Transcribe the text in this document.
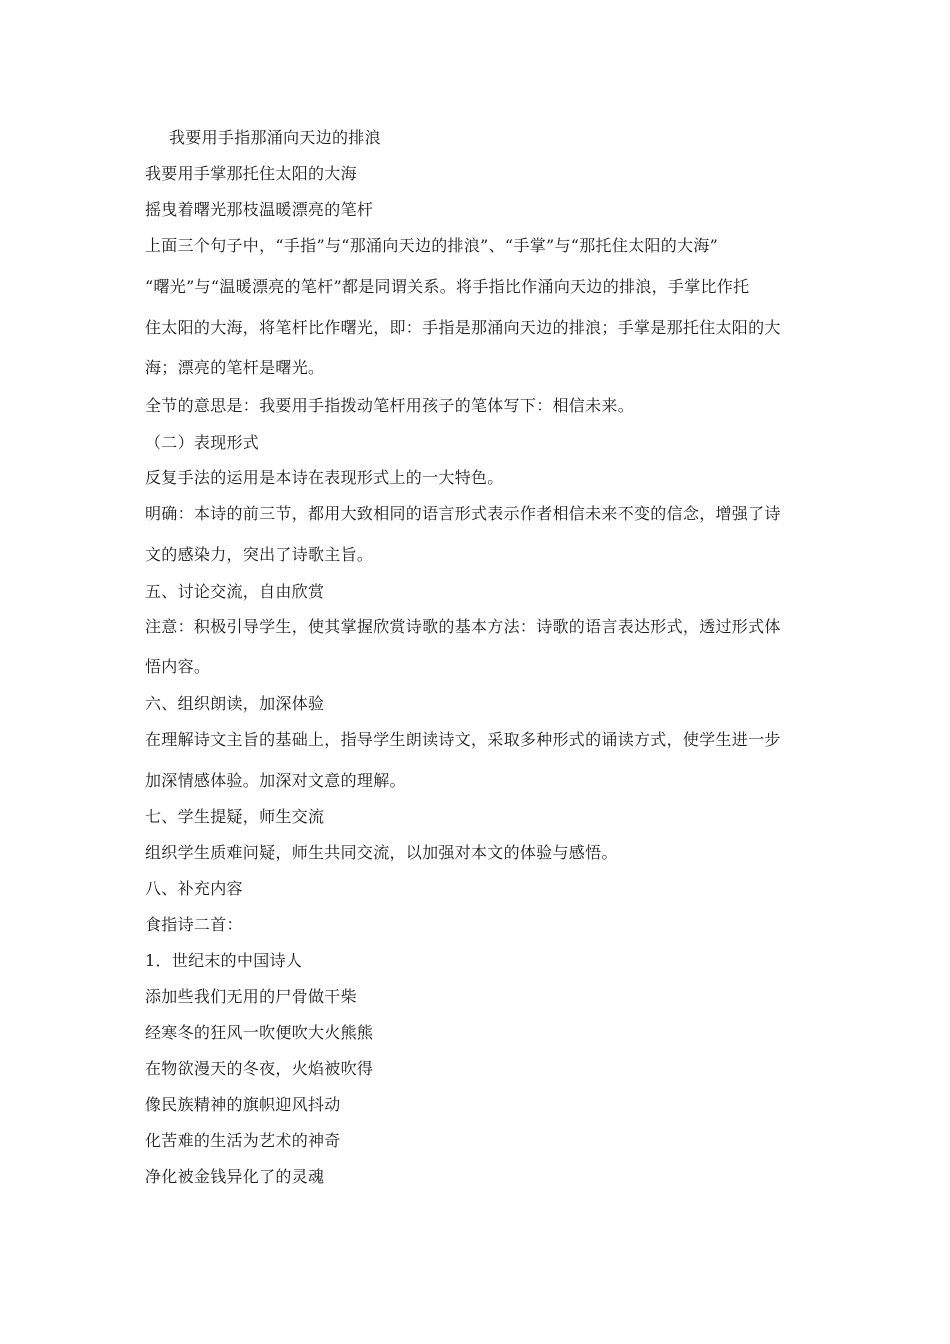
我要用手指那涌向天边的排浪
我要用手掌那托住太阳的大海
摇曳着曙光那枝温暖漂亮的笔杆
上面三个句子中，“手指”与“那涌向天边的排浪”、“手掌”与“那托住太阳的大海”
“曙光”与“温暖漂亮的笔杆”都是同谓关系。将手指比作涌向天边的排浪，手掌比作托
住太阳的大海，将笔杆比作曙光，即：手指是那涌向天边的排浪；手掌是那托住太阳的大
海；漂亮的笔杆是曙光。
全节的意思是：我要用手指拨动笔杆用孩子的笔体写下：相信未来。
（二）表现形式
反复手法的运用是本诗在表现形式上的一大特色。
明确：本诗的前三节，都用大致相同的语言形式表示作者相信未来不变的信念，增强了诗
文的感染力，突出了诗歌主旨。
五、讨论交流，自由欣赏
注意：积极引导学生，使其掌握欣赏诗歌的基本方法：诗歌的语言表达形式，透过形式体
悟内容。
六、组织朗读，加深体验
在理解诗文主旨的基础上，指导学生朗读诗文，采取多种形式的诵读方式，使学生进一步
加深情感体验。加深对文意的理解。
七、学生提疑，师生交流
组织学生质难问疑，师生共同交流，以加强对本文的体验与感悟。
八、补充内容
食指诗二首：
1．世纪末的中国诗人
添加些我们无用的尸骨做干柴
经寒冬的狂风一吹便吹大火熊熊
在物欲漫天的冬夜，火焰被吹得
像民族精神的旗帜迎风抖动
化苦难的生活为艺术的神奇
净化被金钱异化了的灵魂
